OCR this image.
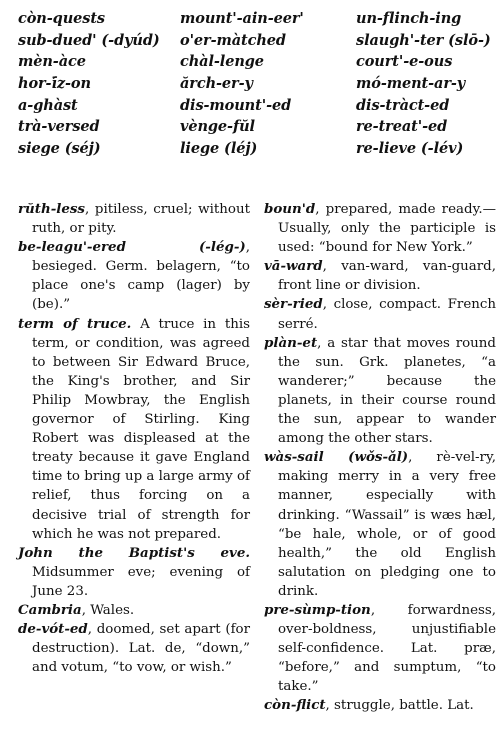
còn-quests	mount'-ain-eer'	un-flinch-ing
sub-dued' (-dyúd)	o'er-màtched	slaugh'-ter (slō-)
mèn-àce	chàl-lenge	court'-e-ous
hor-ī́z-on	ărch-er-y	mó-ment-ar-y
a-ghàst	dis-mount'-ed	dis-tràct-ed
trà-versed	vènge-fŭl	re-treat'-ed
siege (séj)	liege (léj)	re-lieve (-lév)

rŭth-less, pitiless, cruel; without ruth, or pity.

be-leagu'-ered (-lég-), besieged. Germ. belagern, “to place one's camp (lager) by (be).”

term of truce. A truce in this term, or condition, was agreed to between Sir Edward Bruce, the King's brother, and Sir Philip Mowbray, the English governor of Stirling. King Robert was displeased at the treaty because it gave England time to bring up a large army of relief, thus forcing on a decisive trial of strength for which he was not prepared.

John the Baptist's eve. Midsummer eve; evening of June 23.

Cambria, Wales.

de-vót-ed, doomed, set apart (for destruction). Lat. de, “down,” and votum, “to vow, or wish.”

boun'd, prepared, made ready.—Usually, only the participle is used: “bound for New York.”

vā-ward, van-ward, van-guard, front line or division.

sèr-ried, close, compact. French serré.

plàn-et, a star that moves round the sun. Grk. planetes, “a wanderer;” because the planets, in their course round the sun, appear to wander among the other stars.

wàs-sail (wǒs-ǎl), rè-vel-ry, making merry in a very free manner, especially with drinking. “Wassail” is wæs hæl, “be hale, whole, or of good health,” the old English salutation on pledging one to drink.

pre-sùmp-tion, forwardness, over-boldness, unjustifiable self-confidence. Lat. præ, “before,” and sumptum, “to take.”

còn-flict, struggle, battle. Lat.
